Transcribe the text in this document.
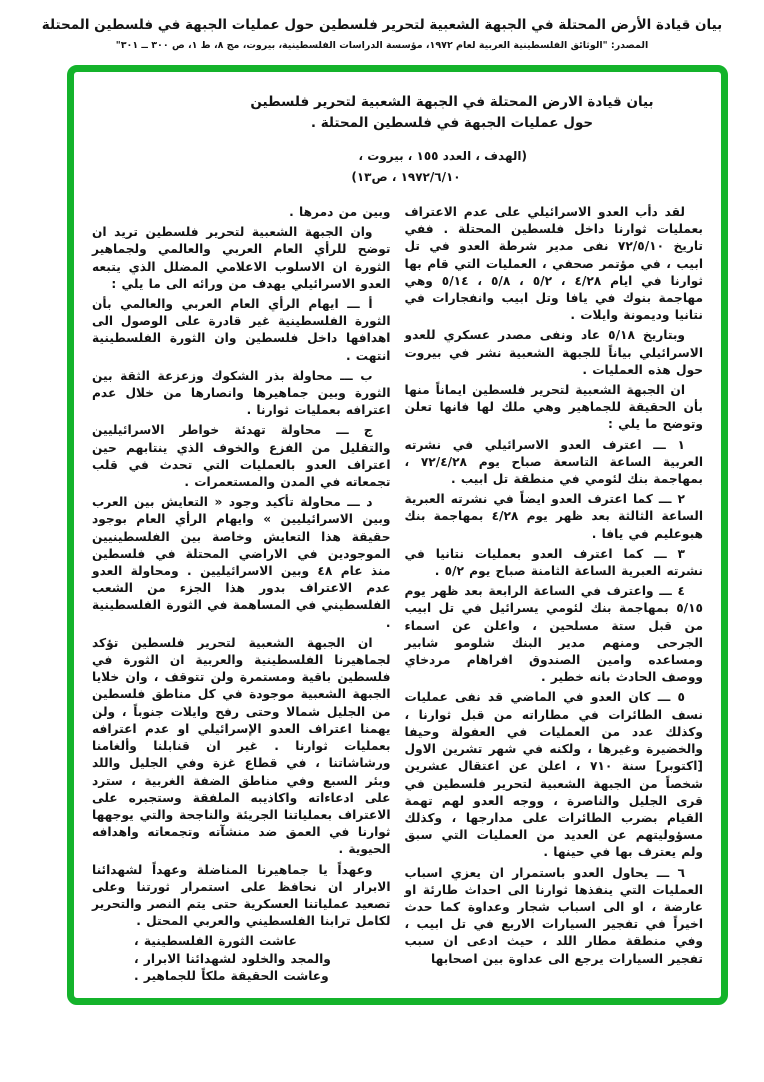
بيان قيادة الأرض المحتلة في الجبهة الشعبية لتحرير فلسطين حول عمليات الجبهة في فلسطين المحتلة
المصدر: "الوثائق الفلسطينية العربية لعام ١٩٧٢، مؤسسة الدراسات الفلسطينية، بيروت، مج ٨، ط ١، ص ٣٠٠ ــ ٣٠١"
بيان قيادة الارض المحتلة في الجبهة الشعبية لتحرير فلسطين
حول عمليات الجبهة في فلسطين المحتلة .
(الهدف ، العدد ١٥٥ ، بيروت ،
١٩٧٢/٦/١٠ ، ص١٣)

لقد دأب العدو الاسرائيلي على عدم الاعتراف بعمليات ثوارنا داخل فلسطين المحتلة . ففي تاريخ ٧٢/٥/١٠ نفى مدير شرطة العدو في تل ابيب ، في مؤتمر صحفي ، العمليات التي قام بها ثوارنا في ايام ٤/٢٨ ، ٥/٢ ، ٥/٨ ، ٥/١٤ وهي مهاجمة بنوك في يافا وتل ابيب وانفجارات في نتانيا وديمونة وايلات .

وبتاريخ ٥/١٨ عاد ونفى مصدر عسكري للعدو الاسرائيلي بياناً للجبهة الشعبية نشر في بيروت حول هذه العمليات .

ان الجبهة الشعبية لتحرير فلسطين ايماناً منها بأن الحقيقة للجماهير وهي ملك لها فانها تعلن وتوضح ما يلي :

١ ـــ اعترف العدو الاسرائيلي في نشرته العربية الساعة التاسعة صباح يوم ٧٢/٤/٢٨ ، بمهاجمة بنك لئومي في منطقة تل ابيب .

٢ ـــ كما اعترف العدو ايضاً في نشرته العبرية الساعة الثالثة بعد ظهر يوم ٤/٢٨ بمهاجمة بنك هبوعليم في يافا .

٣ ـــ كما اعترف العدو بعمليات نتانيا في نشرته العبرية الساعة الثامنة صباح يوم ٥/٢ .

٤ ـــ واعترف في الساعة الرابعة بعد ظهر يوم ٥/١٥ بمهاجمة بنك لئومي يسرائيل في تل ابيب من قبل ستة مسلحين ، واعلن عن اسماء الجرحى ومنهم مدير البنك شلومو شابير ومساعده وامين الصندوق افراهام مردخاي ووصف الحادث بانه خطير .

٥ ـــ كان العدو في الماضي قد نفى عمليات نسف الطائرات في مطاراته من قبل ثوارنا ، وكذلك عدد من العمليات في العفولة وحيفا والخضيرة وغيرها ، ولكنه في شهر تشرين الاول [اكتوبر] سنة ٧١٠ ، اعلن عن اعتقال عشرين شخصاً من الجبهة الشعبية لتحرير فلسطين في قرى الجليل والناصرة ، ووجه العدو لهم تهمة القيام بضرب الطائرات على مدارجها ، وكذلك مسؤوليتهم عن العديد من العمليات التي سبق ولم يعترف بها في حينها .

٦ ـــ يحاول العدو باستمرار ان يعزي اسباب العمليات التي ينفذها ثوارنا الى احداث طارئة او عارضة ، او الى اسباب شجار وعداوة كما حدث اخيراً في تفجير السيارات الاربع في تل ابيب ، وفي منطقة مطار اللد ، حيث ادعى ان سبب تفجير السيارات يرجع الى عداوة بين اصحابها

وبين من دمرها .

وان الجبهة الشعبية لتحرير فلسطين تريد ان توضح للرأي العام العربي والعالمي ولجماهير الثورة ان الاسلوب الاعلامي المضلل الذي يتبعه العدو الاسرائيلي يهدف من ورائه الى ما يلي :

أ ـــ ايهام الرأي العام العربي والعالمي بأن الثورة الفلسطينية غير قادرة على الوصول الى اهدافها داخل فلسطين وان الثورة الفلسطينية انتهت .

ب ـــ محاولة بذر الشكوك وزعزعة الثقة بين الثورة وبين جماهيرها وانصارها من خلال عدم اعترافه بعمليات ثوارنا .

ج ـــ محاولة تهدئة خواطر الاسرائيليين والتقليل من الفزع والخوف الذي ينتابهم حين اعتراف العدو بالعمليات التي تحدث في قلب تجمعاته في المدن والمستعمرات .

د ـــ محاولة تأكيد وجود « التعايش بين العرب وبين الاسرائيليين » وايهام الرأي العام بوجود حقيقة هذا التعايش وخاصة بين الفلسطينيين الموجودين في الاراضي المحتلة في فلسطين منذ عام ٤٨ وبين الاسرائيليين . ومحاولة العدو عدم الاعتراف بدور هذا الجزء من الشعب الفلسطيني في المساهمة في الثورة الفلسطينية .

ان الجبهة الشعبية لتحرير فلسطين تؤكد لجماهيرنا الفلسطينية والعربية ان الثورة في فلسطين باقية ومستمرة ولن تتوقف ، وان خلايا الجبهة الشعبية موجودة في كل مناطق فلسطين من الجليل شمالا وحتى رفح وايلات جنوباً ، ولن يهمنا اعتراف العدو الإسرائيلي او عدم اعترافه بعمليات ثوارنا . غير ان قنابلنا وألغامنا ورشاشاتنا ، في قطاع غزة وفي الجليل واللد وبئر السبع وفي مناطق الضفة الغربية ، سترد على ادعاءاته واكاذيبه الملفقة وستجبره على الاعتراف بعملياتنا الجريئة والناجحة والتي يوجهها ثوارنا في العمق ضد منشآته وتجمعاته واهدافه الحيوية .

وعهداً يا جماهيرنا المناضلة وعهداً لشهدائنا الابرار ان نحافظ على استمرار ثورتنا وعلى تصعيد عملياتنا العسكرية حتى يتم النصر والتحرير لكامل ترابنا الفلسطيني والعربي المحتل .

عاشت الثورة الفلسطينية ،

والمجد والخلود لشهدائنا الابرار ،

وعاشت الحقيقة ملكاً للجماهير .
